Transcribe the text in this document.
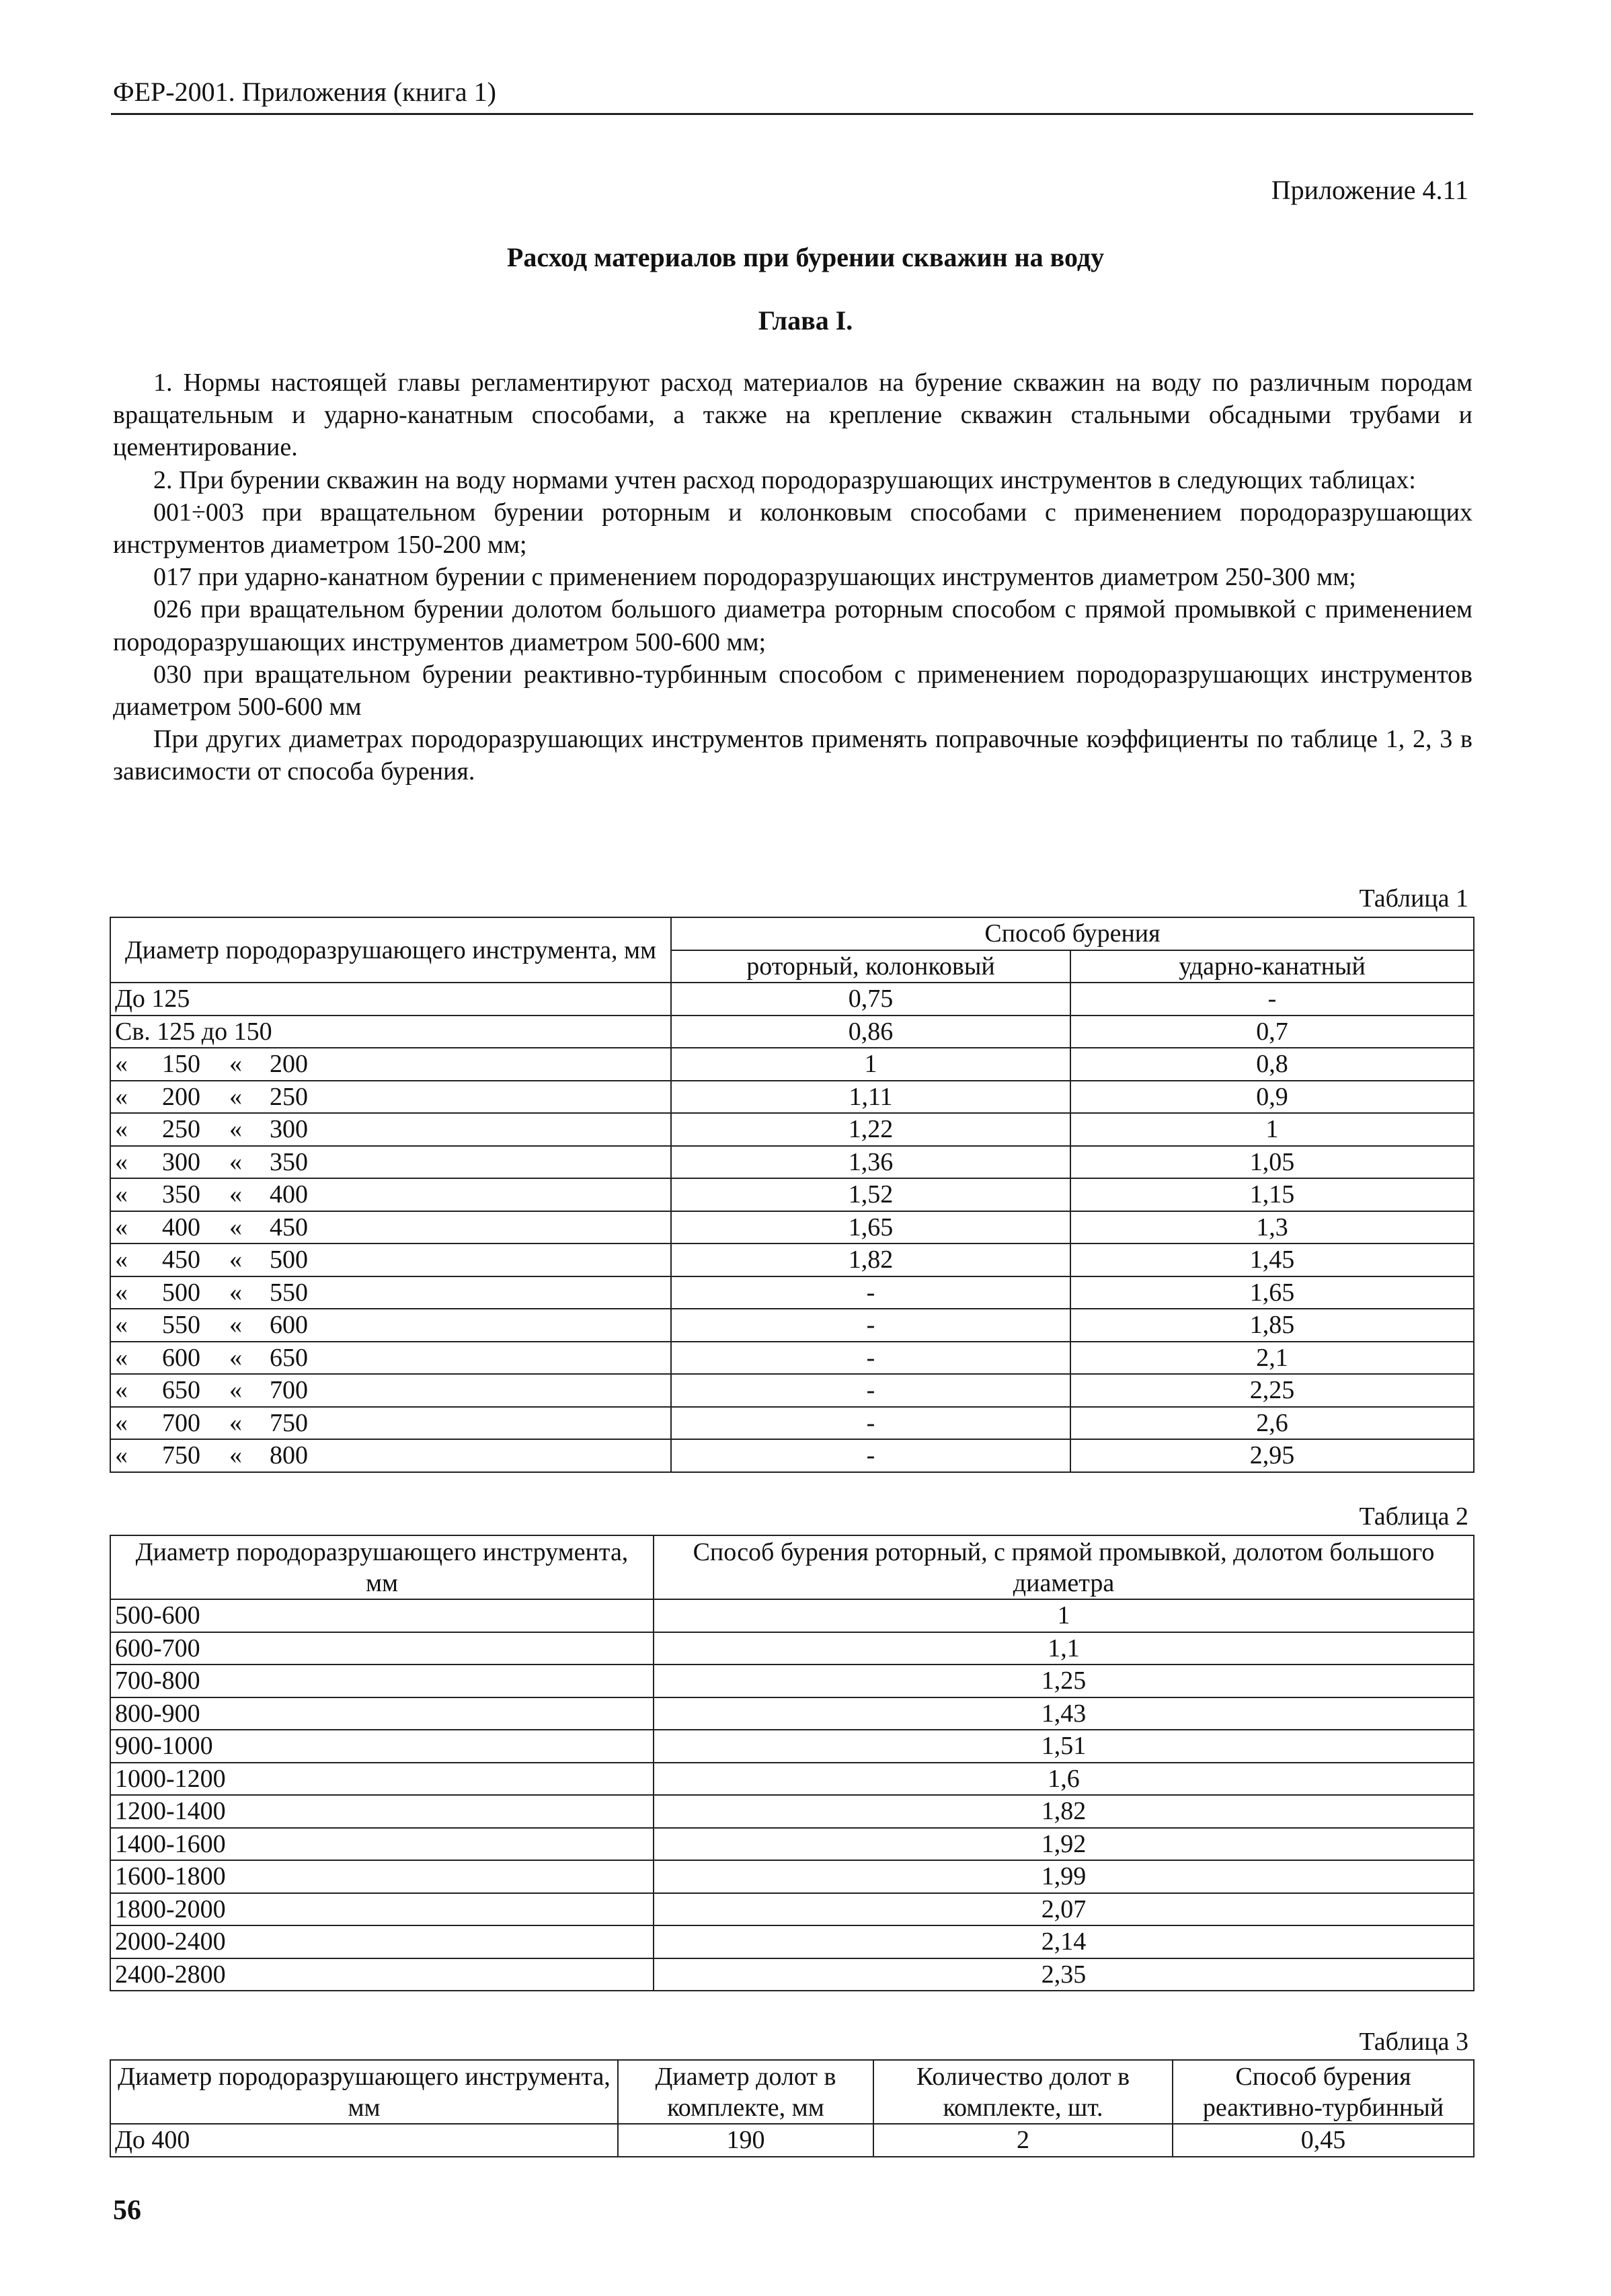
ФЕР-2001. Приложения (книга 1)
Приложение 4.11
Расход материалов при бурении скважин на воду
Глава I.

1. Нормы настоящей главы регламентируют расход материалов на бурение скважин на воду по различным породам вращательным и ударно-канатным способами, а также на крепление скважин стальными обсадными трубами и цементирование.

2. При бурении скважин на воду нормами учтен расход породоразрушающих инструментов в следующих таблицах:

001÷003 при вращательном бурении роторным и колонковым способами с применением породоразрушающих инструментов диаметром 150-200 мм;

017 при ударно-канатном бурении с применением породоразрушающих инструментов диаметром 250-300 мм;

026 при вращательном бурении долотом большого диаметра роторным способом с прямой промывкой с применением породоразрушающих инструментов диаметром 500-600 мм;

030 при вращательном бурении реактивно-турбинным способом с применением породоразрушающих инструментов диаметром 500-600 мм

При других диаметрах породоразрушающих инструментов применять поправочные коэффициенты по таблице 1, 2, 3 в зависимости от способа бурения.

Таблица 1
Диаметр породоразрушающего инструмента, мм	Способ бурения	
	роторный, колонковый	ударно-канатный
До 125	0,75	-
Св. 125 до 150	0,86	0,7

« 150 « 200	1	0,8

« 200 « 250	1,11	0,9

« 250 « 300	1,22	1

« 300 « 350	1,36	1,05

« 350 « 400	1,52	1,15

« 400 « 450	1,65	1,3

« 450 « 500	1,82	1,45

« 500 « 550	-	1,65

« 550 « 600	-	1,85

« 600 « 650	-	2,1

« 650 « 700	-	2,25

« 700 « 750	-	2,6

« 750 « 800	-	2,95
Таблица 2
Диаметр породоразрушающего инструмента, мм	Способ бурения роторный, с прямой промывкой, долотом большого диаметра
500-600	1
600-700	1,1
700-800	1,25
800-900	1,43
900-1000	1,51
1000-1200	1,6
1200-1400	1,82
1400-1600	1,92
1600-1800	1,99
1800-2000	2,07
2000-2400	2,14
2400-2800	2,35
Таблица 3
Диаметр породоразрушающего инструмента, мм	Диаметр долот в комплекте, мм	Количество долот в комплекте, шт.	Способ бурения реактивно-турбинный
До 400	190	2	0,45
56
